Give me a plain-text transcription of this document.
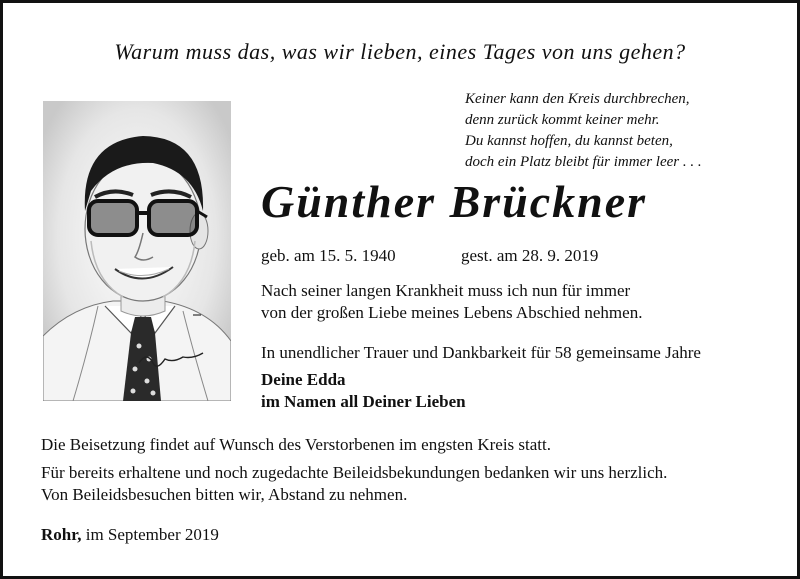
Warum muss das, was wir lieben, eines Tages von uns gehen?
Keiner kann den Kreis durchbrechen,
denn zurück kommt keiner mehr.
Du kannst hoffen, du kannst beten,
doch ein Platz bleibt für immer leer . . .
Günther Brückner
geb. am 15. 5. 1940	gest. am 28. 9. 2019
Nach seiner langen Krankheit muss ich nun für immer
von der großen Liebe meines Lebens Abschied nehmen.
In unendlicher Trauer und Dankbarkeit für 58 gemeinsame Jahre
Deine Edda
im Namen all Deiner Lieben
Die Beisetzung findet auf Wunsch des Verstorbenen im engsten Kreis statt.
Für bereits erhaltene und noch zugedachte Beileidsbekundungen bedanken wir uns herzlich.
Von Beileidsbesuchen bitten wir, Abstand zu nehmen.
Rohr, im September 2019
